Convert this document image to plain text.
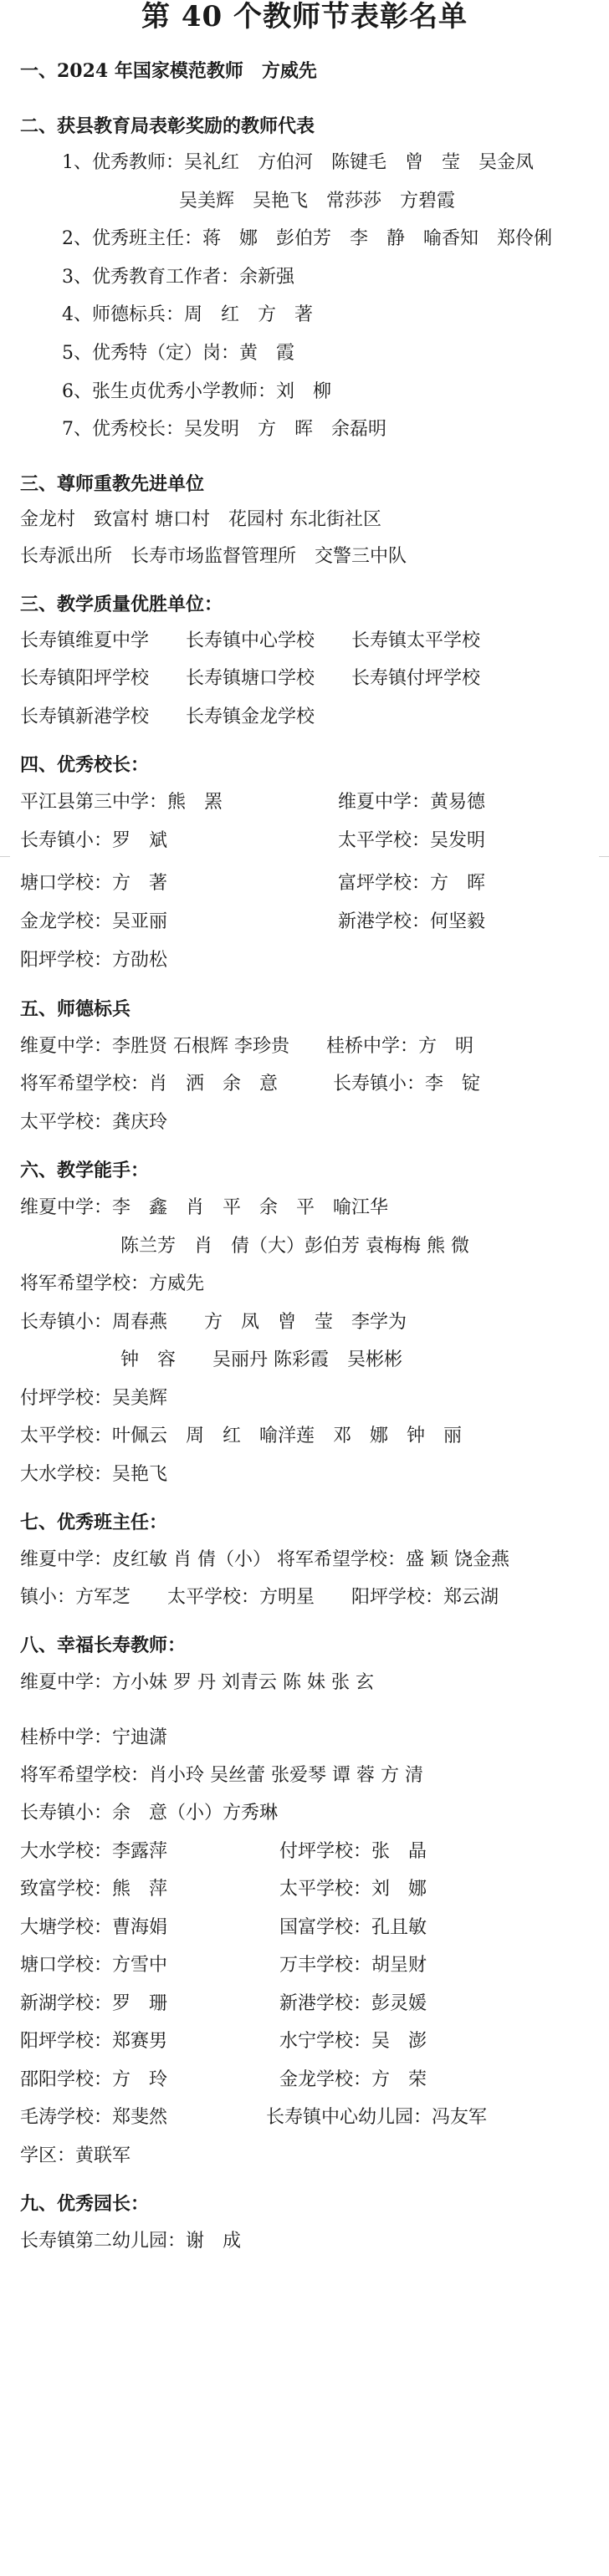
第 40 个教师节表彰名单
一、2024 年国家模范教师　方威先
二、获县教育局表彰奖励的教师代表
1、优秀教师：吴礼红　方伯河　陈键毛　曾　莹　吴金凤
吴美辉　吴艳飞　常莎莎　方碧霞
2、优秀班主任：蒋　娜　彭伯芳　李　静　喻香知　郑伶俐
3、优秀教育工作者：余新强
4、师德标兵：周　红　方　著
5、优秀特（定）岗：黄　霞
6、张生贞优秀小学教师：刘　柳
7、优秀校长：吴发明　方　晖　余磊明
三、尊师重教先进单位
金龙村　致富村 塘口村　花园村 东北街社区
长寿派出所　长寿市场监督管理所　交警三中队
三、教学质量优胜单位：
长寿镇维夏中学　　长寿镇中心学校　　长寿镇太平学校
长寿镇阳坪学校　　长寿镇塘口学校　　长寿镇付坪学校
长寿镇新港学校　　长寿镇金龙学校
四、优秀校长：
平江县第三中学：熊　罴
长寿镇小：罗　斌
塘口学校：方　著
金龙学校：吴亚丽
阳坪学校：方劭松
维夏中学：黄易德
太平学校：吴发明
富坪学校：方　晖
新港学校：何坚毅
五、师德标兵
维夏中学：李胜贤 石根辉 李珍贵　　桂桥中学：方　明
将军希望学校：肖　洒　余　意　　　长寿镇小：李　锭
太平学校：龚庆玲
六、教学能手：
维夏中学：李　鑫　肖　平　余　平　喻江华
陈兰芳　肖　倩（大）彭伯芳 袁梅梅 熊 微
将军希望学校：方威先
长寿镇小：周春燕　　方　凤　曾　莹　李学为
钟　容　　吴丽丹 陈彩霞　吴彬彬
付坪学校：吴美辉
太平学校：叶佩云　周　红　喻洋莲　邓　娜　钟　丽
大水学校：吴艳飞
七、优秀班主任：
维夏中学：皮红敏 肖 倩（小） 将军希望学校：盛 颖 饶金燕
镇小：方军芝　　太平学校：方明星　　阳坪学校：郑云湖
八、幸福长寿教师：
维夏中学：方小妹 罗 丹 刘青云 陈 妹 张 玄
桂桥中学：宁迪潇
将军希望学校：肖小玲 吴丝蕾 张爱琴 谭 蓉 方 清
长寿镇小：余　意（小）方秀琳
大水学校：李露萍
致富学校：熊　萍
大塘学校：曹海娟
塘口学校：方雪中
新湖学校：罗　珊
阳坪学校：郑赛男
邵阳学校：方　玲
毛涛学校：郑斐然
付坪学校：张　晶
太平学校：刘　娜
国富学校：孔且敏
万丰学校：胡呈财
新港学校：彭灵媛
水宁学校：吴　澎
金龙学校：方　荣
长寿镇中心幼儿园：冯友军
学区：黄联军
九、优秀园长：
长寿镇第二幼儿园：谢　成
